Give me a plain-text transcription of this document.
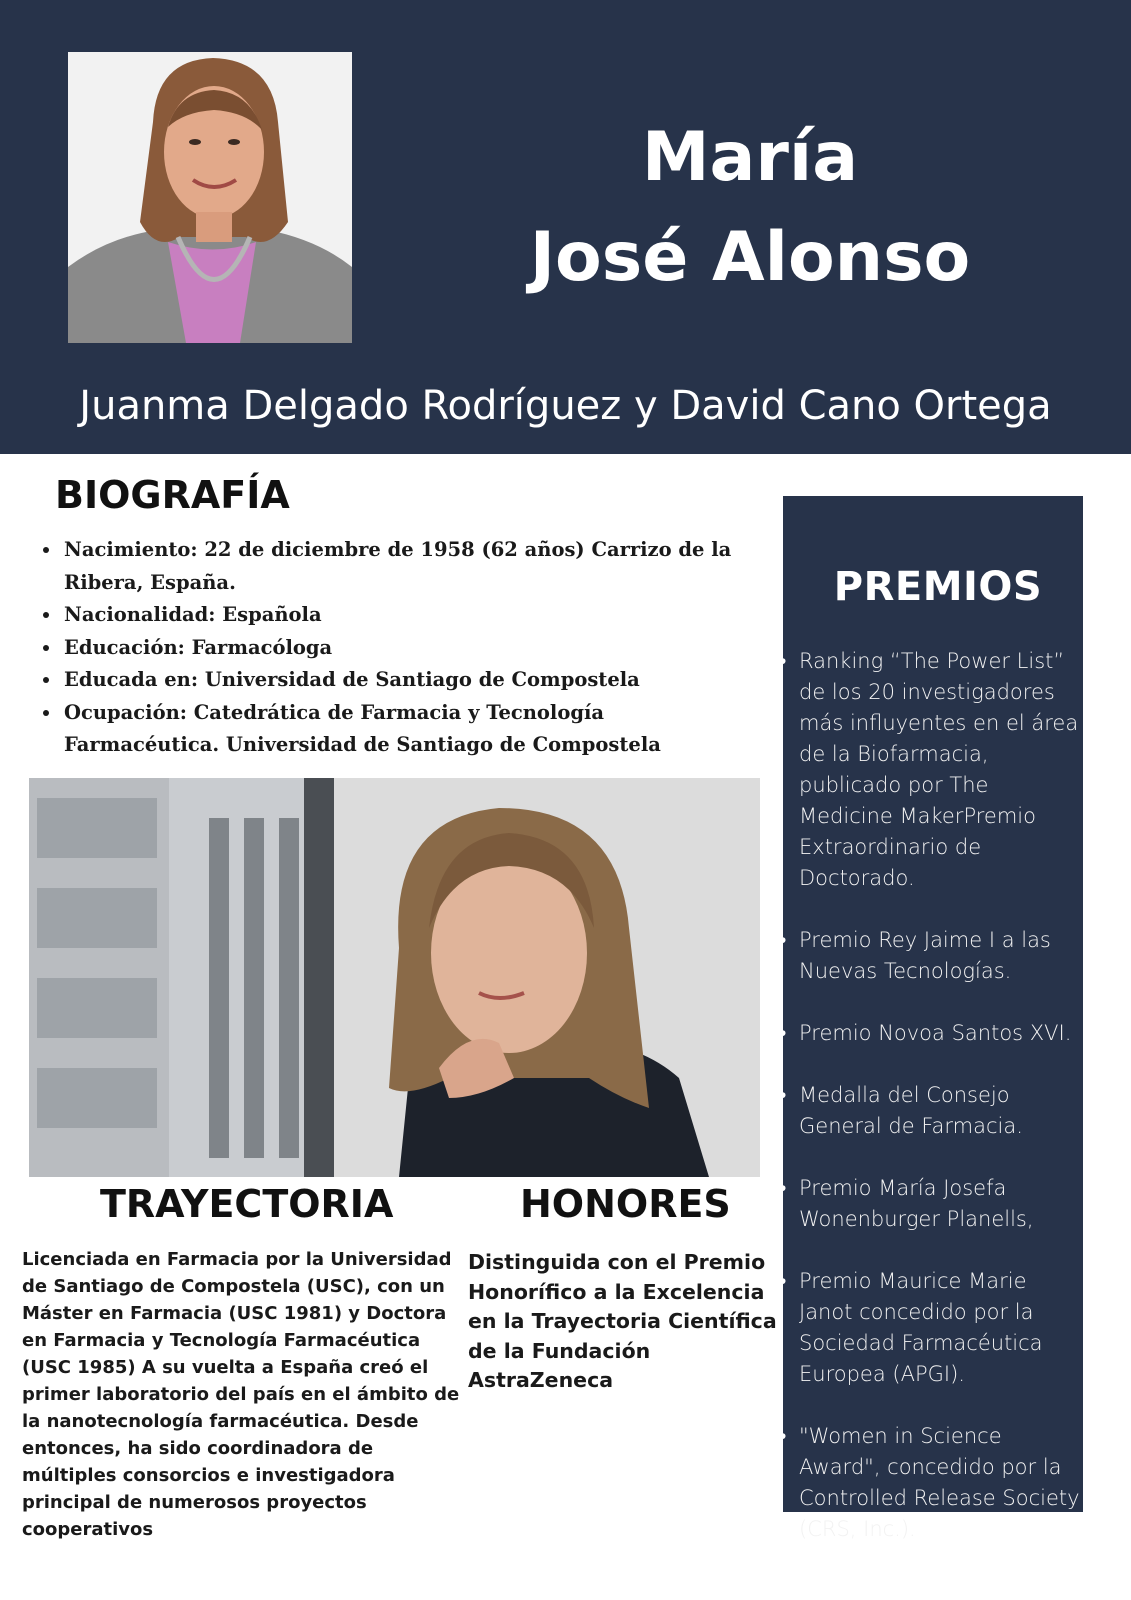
María
José Alonso
Juanma Delgado Rodríguez y David Cano Ortega
BIOGRAFÍA
• Nacimiento: 22 de diciembre de 1958 (62 años) Carrizo de la Ribera, España.
• Nacionalidad: Española
• Educación: Farmacóloga
• Educada en: Universidad de Santiago de Compostela
• Ocupación: Catedrática de Farmacia y Tecnología Farmacéutica. Universidad de Santiago de Compostela
TRAYECTORIA	HONORES
Licenciada en Farmacia por la Universidad de Santiago de Compostela (USC), con un Máster en Farmacia (USC 1981) y Doctora en Farmacia y Tecnología Farmacéutica (USC 1985) A su vuelta a España creó el primer laboratorio del país en el ámbito de la nanotecnología farmacéutica. Desde entonces, ha sido coordinadora de múltiples consorcios e investigadora principal de numerosos proyectos cooperativos
Distinguida con el Premio Honorífico a la Excelencia en la Trayectoria Científica de la Fundación AstraZeneca
PREMIOS
• Ranking “The Power List” de los 20 investigadores más influyentes en el área de la Biofarmacia, publicado por The Medicine MakerPremio Extraordinario de Doctorado.
• Premio Rey Jaime I a las Nuevas Tecnologías.
• Premio Novoa Santos XVI.
• Medalla del Consejo General de Farmacia.
• Premio María Josefa Wonenburger Planells,
• Premio Maurice Marie Janot concedido por la Sociedad Farmacéutica Europea (APGI).
• "Women in Science Award", concedido por la Controlled Release Society (CRS, Inc.).
